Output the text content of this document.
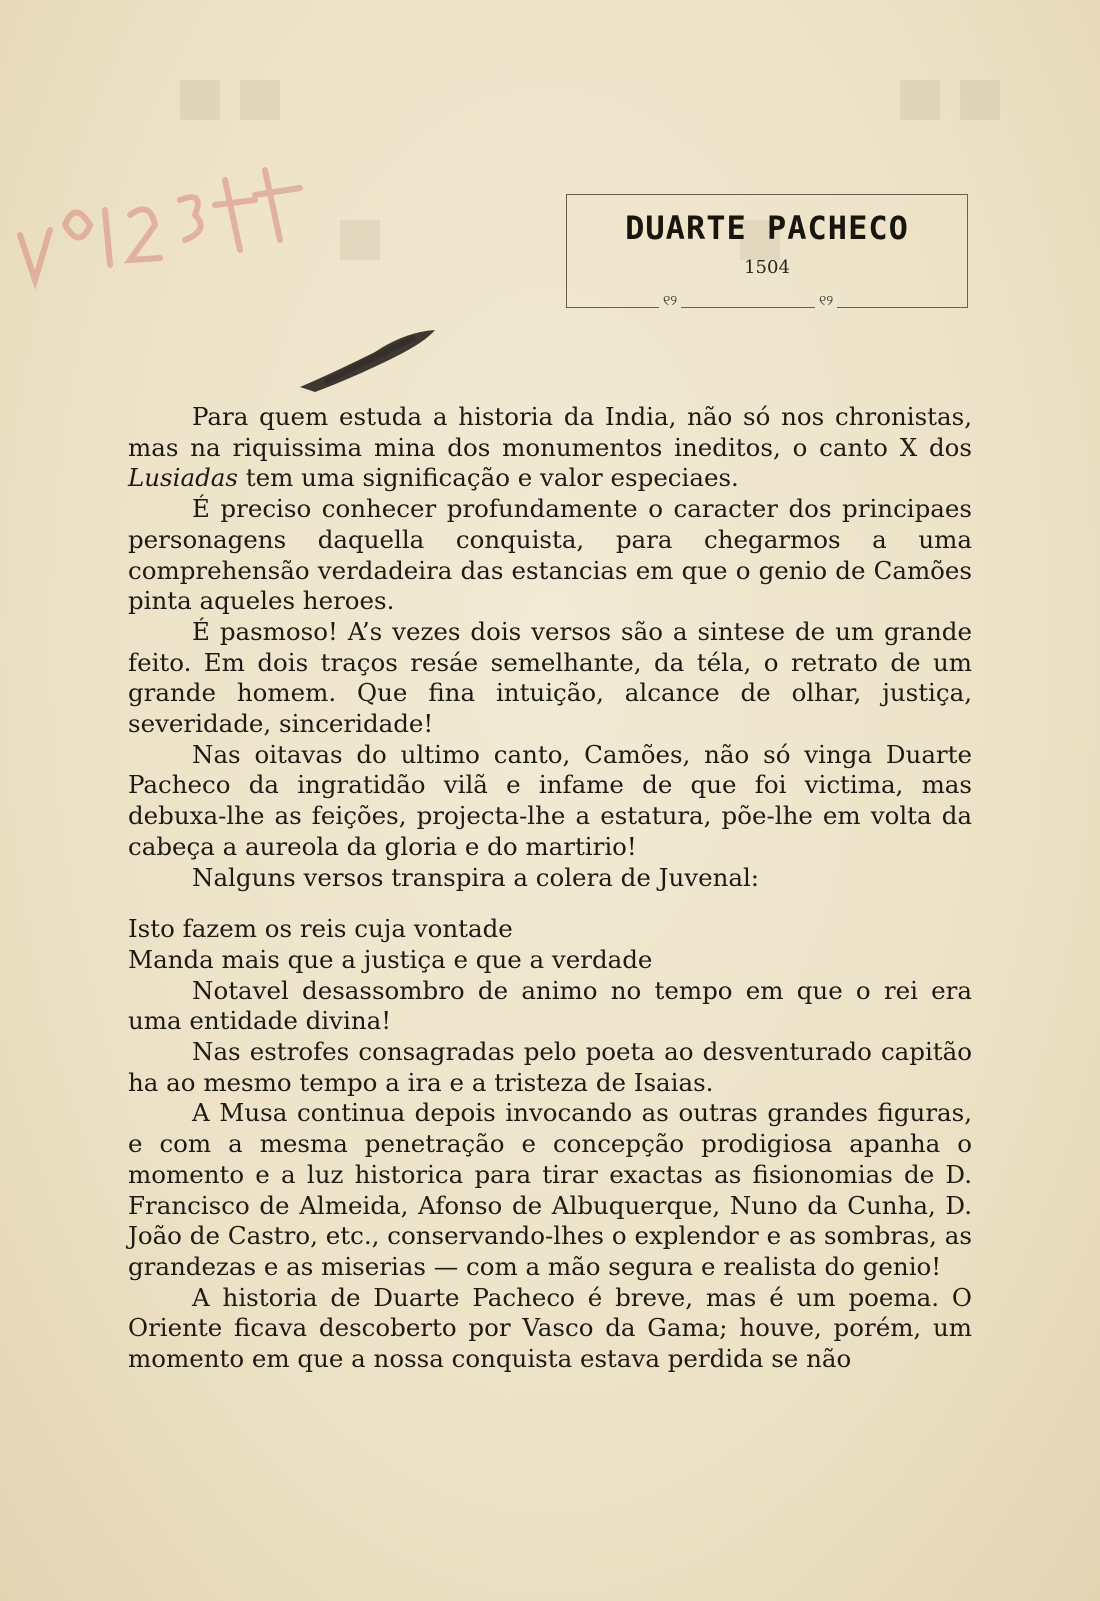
DUARTE PACHECO
1504
୧୨	୧୨

Para quem estuda a historia da India, não só nos chronistas, mas na riquissima mina dos monumentos ineditos, o canto X dos Lusiadas tem uma significação e valor especiaes.

É preciso conhecer profundamente o caracter dos principaes personagens daquella conquista, para chegarmos a uma comprehensão verdadeira das estancias em que o genio de Camões pinta aqueles heroes.

É pasmoso! A’s vezes dois versos são a sintese de um grande feito. Em dois traços resáe semelhante, da téla, o retrato de um grande homem. Que fina intuição, alcance de olhar, justiça, severidade, sinceridade!

Nas oitavas do ultimo canto, Camões, não só vinga Duarte Pacheco da ingratidão vilã e infame de que foi victima, mas debuxa-lhe as feições, projecta-lhe a estatura, põe-lhe em volta da cabeça a aureola da gloria e do martirio!

Nalguns versos transpira a colera de Juvenal:

Isto fazem os reis cuja vontade
Manda mais que a justiça e que a verdade

Notavel desassombro de animo no tempo em que o rei era uma entidade divina!

Nas estrofes consagradas pelo poeta ao desventurado capitão ha ao mesmo tempo a ira e a tristeza de Isaias.

A Musa continua depois invocando as outras grandes figuras, e com a mesma penetração e concepção prodigiosa apanha o momento e a luz historica para tirar exactas as fisionomias de D. Francisco de Almeida, Afonso de Albuquerque, Nuno da Cunha, D. João de Castro, etc., conservando-lhes o explendor e as sombras, as grandezas e as miserias — com a mão segura e realista do genio!

A historia de Duarte Pacheco é breve, mas é um poema. O Oriente ficava descoberto por Vasco da Gama; houve, porém, um momento em que a nossa conquista estava perdida se não
